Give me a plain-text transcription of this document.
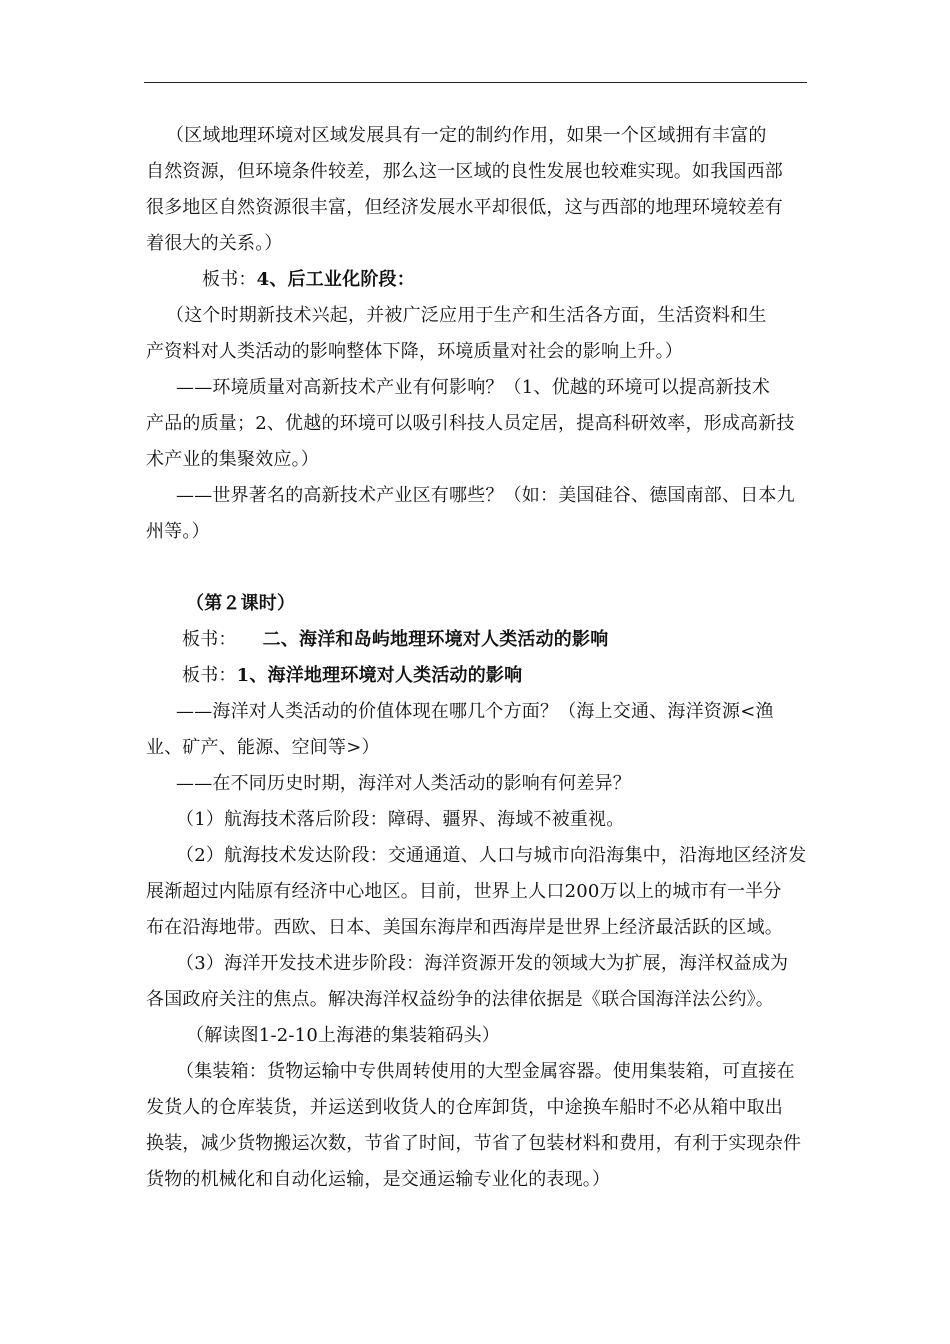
（区域地理环境对区域发展具有一定的制约作用，如果一个区域拥有丰富的
自然资源，但环境条件较差，那么这一区域的良性发展也较难实现。如我国西部
很多地区自然资源很丰富，但经济发展水平却很低，这与西部的地理环境较差有
着很大的关系。）
板书：4、后工业化阶段：
（这个时期新技术兴起，并被广泛应用于生产和生活各方面，生活资料和生
产资料对人类活动的影响整体下降，环境质量对社会的影响上升。）
——环境质量对高新技术产业有何影响？（1、优越的环境可以提高新技术
产品的质量；2、优越的环境可以吸引科技人员定居，提高科研效率，形成高新技
术产业的集聚效应。）
——世界著名的高新技术产业区有哪些？（如：美国硅谷、德国南部、日本九
州等。）
（第２课时）
板书： 二、海洋和岛屿地理环境对人类活动的影响
板书：1、海洋地理环境对人类活动的影响
——海洋对人类活动的价值体现在哪几个方面？（海上交通、海洋资源<渔
业、矿产、能源、空间等>）
——在不同历史时期，海洋对人类活动的影响有何差异？
（1）航海技术落后阶段：障碍、疆界、海域不被重视。
（2）航海技术发达阶段：交通通道、人口与城市向沿海集中，沿海地区经济发
展渐超过内陆原有经济中心地区。目前，世界上人口200万以上的城市有一半分
布在沿海地带。西欧、日本、美国东海岸和西海岸是世界上经济最活跃的区域。
（3）海洋开发技术进步阶段：海洋资源开发的领域大为扩展，海洋权益成为
各国政府关注的焦点。解决海洋权益纷争的法律依据是《联合国海洋法公约》。
（解读图1-2-10上海港的集装箱码头）
（集装箱：货物运输中专供周转使用的大型金属容器。使用集装箱，可直接在
发货人的仓库装货，并运送到收货人的仓库卸货，中途换车船时不必从箱中取出
换装，减少货物搬运次数，节省了时间，节省了包装材料和费用，有利于实现杂件
货物的机械化和自动化运输，是交通运输专业化的表现。）
